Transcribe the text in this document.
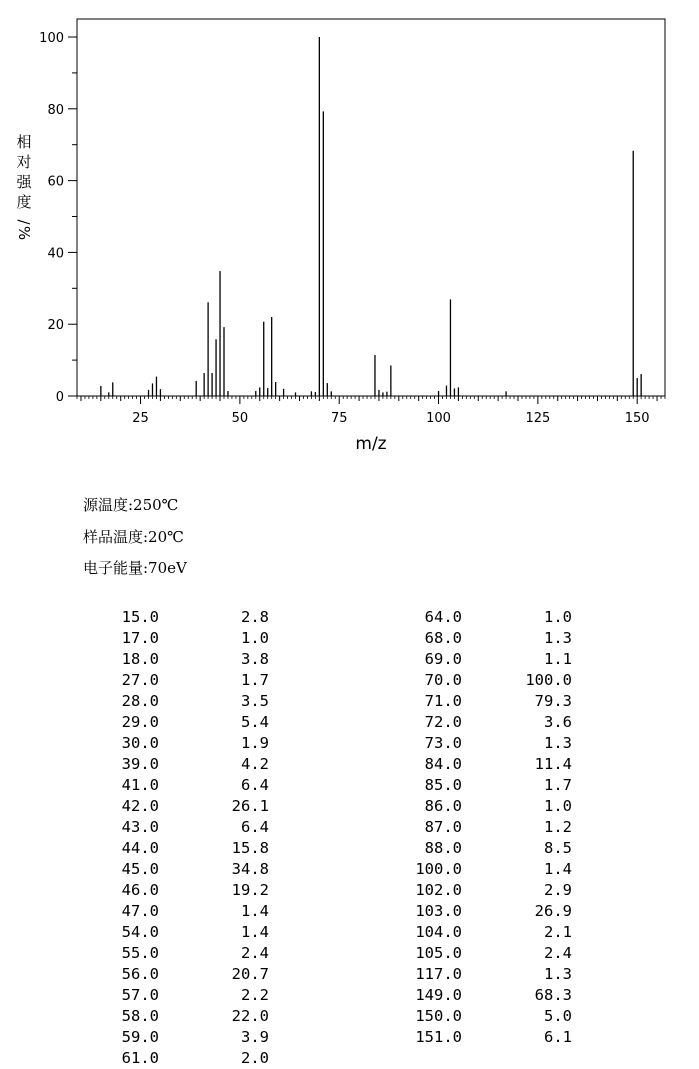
25	50	75	100	125	150
0
20
40
60
80
100
m/z
相
对
强
度
/
%
源温度:250℃
样品温度:20℃
电子能量:70eV
15.0	2.8
17.0	1.0
18.0	3.8
27.0	1.7
28.0	3.5
29.0	5.4
30.0	1.9
39.0	4.2
41.0	6.4
42.0	26.1
43.0	6.4
44.0	15.8
45.0	34.8
46.0	19.2
47.0	1.4
54.0	1.4
55.0	2.4
56.0	20.7
57.0	2.2
58.0	22.0
59.0	3.9
61.0	2.0
64.0	1.0
68.0	1.3
69.0	1.1
70.0	100.0
71.0	79.3
72.0	3.6
73.0	1.3
84.0	11.4
85.0	1.7
86.0	1.0
87.0	1.2
88.0	8.5
100.0	1.4
102.0	2.9
103.0	26.9
104.0	2.1
105.0	2.4
117.0	1.3
149.0	68.3
150.0	5.0
151.0	6.1
